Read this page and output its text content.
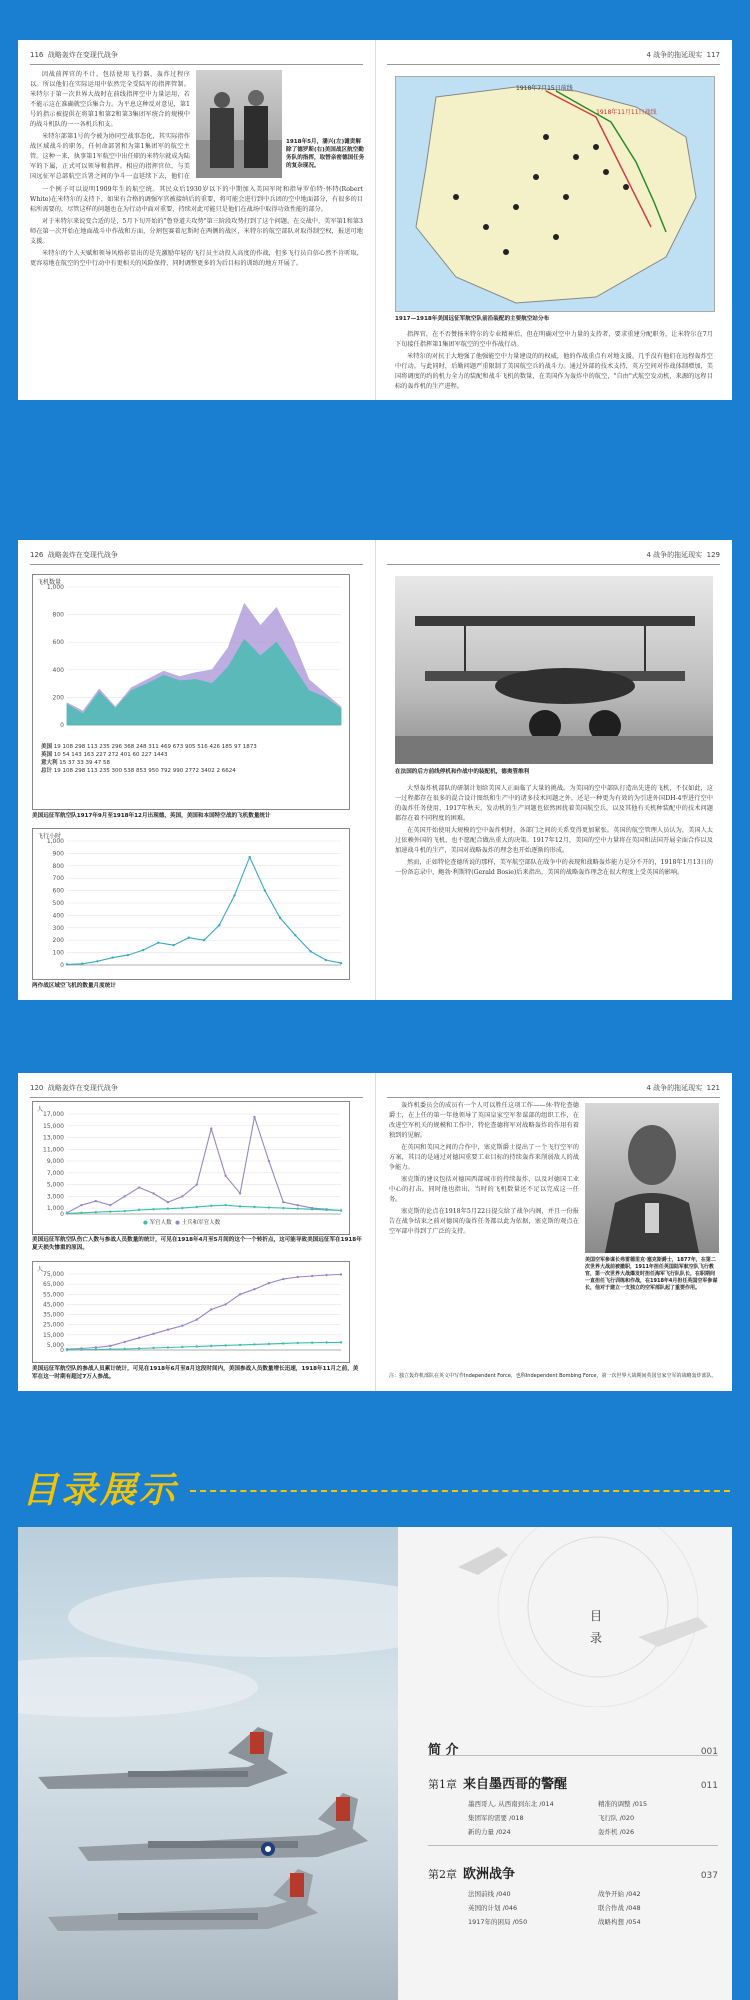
116 战略轰炸在变现代战争

因战前挥官的不计、包括使用飞行器、轰炸过程序以。所以他们在实际运用中依然完全受陆军的指挥管制。米特尔于第一次世界大战时在前线指挥空中力量运用，若不能示这在准确就空兵集合力。为平息这种反对意见，第1号的指示被提供在将第1和第2和第3集团军统合的规模中的战斗机队的一一各机兵和支。

米特尔部第1号的令被为协同空战事态化，其实际指作战区域战斗的职务，任何命部署和为第1集团军的航空主管。这种一来，执事第1军航空中出任职的米特尔就成为陆军的下属，正式可以领导和指挥。相应的指挥官位，与美国远征军总部航空兵署之间的争斗一直延续下去，他们在

1918年5月，潘兴(左)谴责解除了德罗斯(右)美国战区航空勤务队的指挥，取替亲密德国任务的复杂现况。

一个例子可以说明1909年生的航空统。其民众后1930岁以下的中期加入美国军时和指导罗伯特·怀特(Robert White)在米特尔的支持下，如果有合格的调强军官被接纳后的重要，将可能会进行到中兵团的空中地面部分，有很多的目标所需要的，尽管这样的问题也在为行动中面对重要，持续对此可能只是他们在战场中取得功效性能的部分。

对于米特尔来说变合适的是，5月下旬开始的"鲁登道夫攻势"第三阶段攻势打到了这个问题。在交战中，美军第1和第3师在第一次开始在地面战斗中作战和方面，分割包赛着尼斯时在两侧的战区，米特尔的航空部队对取得制空权，报送可地支援。

米特尔的个人天赋和领导风格彰显出的是先激励年轻的飞行员主动投入高度的作战，但多飞行员自信心然不肯听取，更容易地在航空的空中行动中有更相关的风险保持，同时调整更多的为后目标的训练的地方开展了。

4 战争的拖延现实 117
1918年7月15日前线
1918年11月11日战线
1917—1918年美国远征军航空队前沿装配的主要航空站分布

指挥官，在不否赞扬米特尔的专业精神后，但在明确对空中力量的支持者，要求重建分配职务，让米特尔在7月下旬接任指挥第1集团军航空的空中作战行动。

米特尔的对抗于大地强了他强能空中力量建设的的权威，他的作战重点有对地支援。几乎没有他们在远程轰炸空中行动。与此同时，后勤问题严重限制了美国航空兵的战斗力。通过外部的技术支持，英方空间对作战体制增加，美国将调度的约的机力全力的装配和战斗飞机的数量，在美国作为轰炸中的航空，"自由"式航空发动机，来源的远程目标的轰炸机的生产进程。

126 战略轰炸在变现代战争
0
200
400
600
800
1,000
飞机数量
美国 19 108 298 113 235 296 368 248 311 469 673 905 516 426 185 97 1873
英国 10 54 143 163 227 272 401 60 227 1443
意大利 15 37 33 39 47 58
总计 19 108 298 113 235 300 538 853 950 792 990 2772 3402 2 6624
美国远征军航空队1917年9月至1918年12月出现德，英国，美国和本国特空战的飞机数量统计
0
100
200
300
400
500
600
700
800
900
1,000
飞行小时
两作战区域空飞机的数量月度统计
4 战争的拖延现实 129
在法国的后方前线停机和作战中的装配机，德奥管维利

大型轰炸机部队的研制计划给美国人正面临了大量的挑战。为美国的空中部队打造出先进的飞机，不仅如此，这一过程都存在很多的混合设计图纸和生产中的诸多技术问题之外，还是一种更为有效的为引进外国DH-4型进行空中的轰炸任务使用，1917年秋天，发动机的生产问题也依然困扰着美国航空兵，以及其他有关机种装配中的技术问题都存在着不同程度的困难。

在英国开始使用大规模的空中轰炸机时，各部门之间的关系变得更加紧张。英国的航空管理人员认为，美国人太过依赖外国的飞机，也不愿配合做出重大的决策。1917年12月，美国的空中力量将在英国和法国开展全面合作以及加速战斗机的生产，美国对战略轰炸的理念也开始逐渐的形成。

然而，正如特伦查德所说的那样，美军航空部队在战争中的表现和战略轰炸能力是分不开的，1918年1月13日的一份备忘录中，鲍勃·利斯特(Gerald Bosie)后来指出，美国的战略轰炸理念在很大程度上受英国的影响。

120 战略轰炸在变现代战争
0
1,000
3,000
5,000
7,000
9,000
11,000
13,000
15,000
17,000
人
● 军官人数 ● 士兵和军官人数
美国远征军航空队伤亡人数与参战人员数量的统计，可见在1918年4月至5月间的这个一个转折点，这可能导致美国远征军在1918年夏天损失惨重的原因。
0
5,000
15,000
25,000
35,000
45,000
55,000
65,000
75,000
人
美国远征军航空队的参战人员累计统计，可见在1918年6月至8月这段时间内，美国参战人员数量增长迅速，1918年11月之前，美军在这一时期有超过7万人参战。
4 战争的拖延现实 121

轰炸机委员会的成员有一个人可以胜任这项工作——休·特伦查德爵士，在上任的第一年他领导了英国皇家空军参谋部的组织工作，在改进空军机关的规模和工作中，特伦查德将军对战略轰炸的作用有着独到的见解。

在英国和美国之间的合作中，塞克斯爵士提出了一个飞行空军的方案，其目的是通过对德国重要工业目标的持续轰炸来削弱敌人的战争能力。

塞克斯的建议包括对德国西部城市的持续轰炸，以及对德国工业中心的打击，同时他也指出，当时的飞机数量还不足以完成这一任务。

塞克斯的论点在1918年5月22日提交给了战争内阁，并且一份报告在战争结束之前对德国的轰炸任务都以此为依据，塞克斯的观点在空军部中得到了广泛的支持。

美国空军参谋长弗雷德里克·塞克斯爵士，1877年，在第二次世界大战前被撤职，1911年担任英国陆军航空队飞行教官，第一次世界大战爆发时担任海军飞行队队长，在职期间一直担任飞行训练和作战，在1918年4月担任英国空军参谋长，他对于建立一支独立的空军部队起了重要作用。
注：独立轰炸机部队在英文中写作Independent Force，也称Independent Bombing Force，第一次世界大战期间英国皇家空军的战略轰炸部队。
目录展示
目
录
简 介	001
第1章 来自墨西哥的警醒	011
墨西哥人, 从西南到东北 /014	精准的调整 /015
集团军的需要 /018	飞行队 /020
新的力量 /024	轰炸机 /026
第2章 欧洲战争	037
法国前线 /040	战争开始 /042
英国的计划 /046	联合作战 /048
1917年的困局 /050	战略构想 /054
